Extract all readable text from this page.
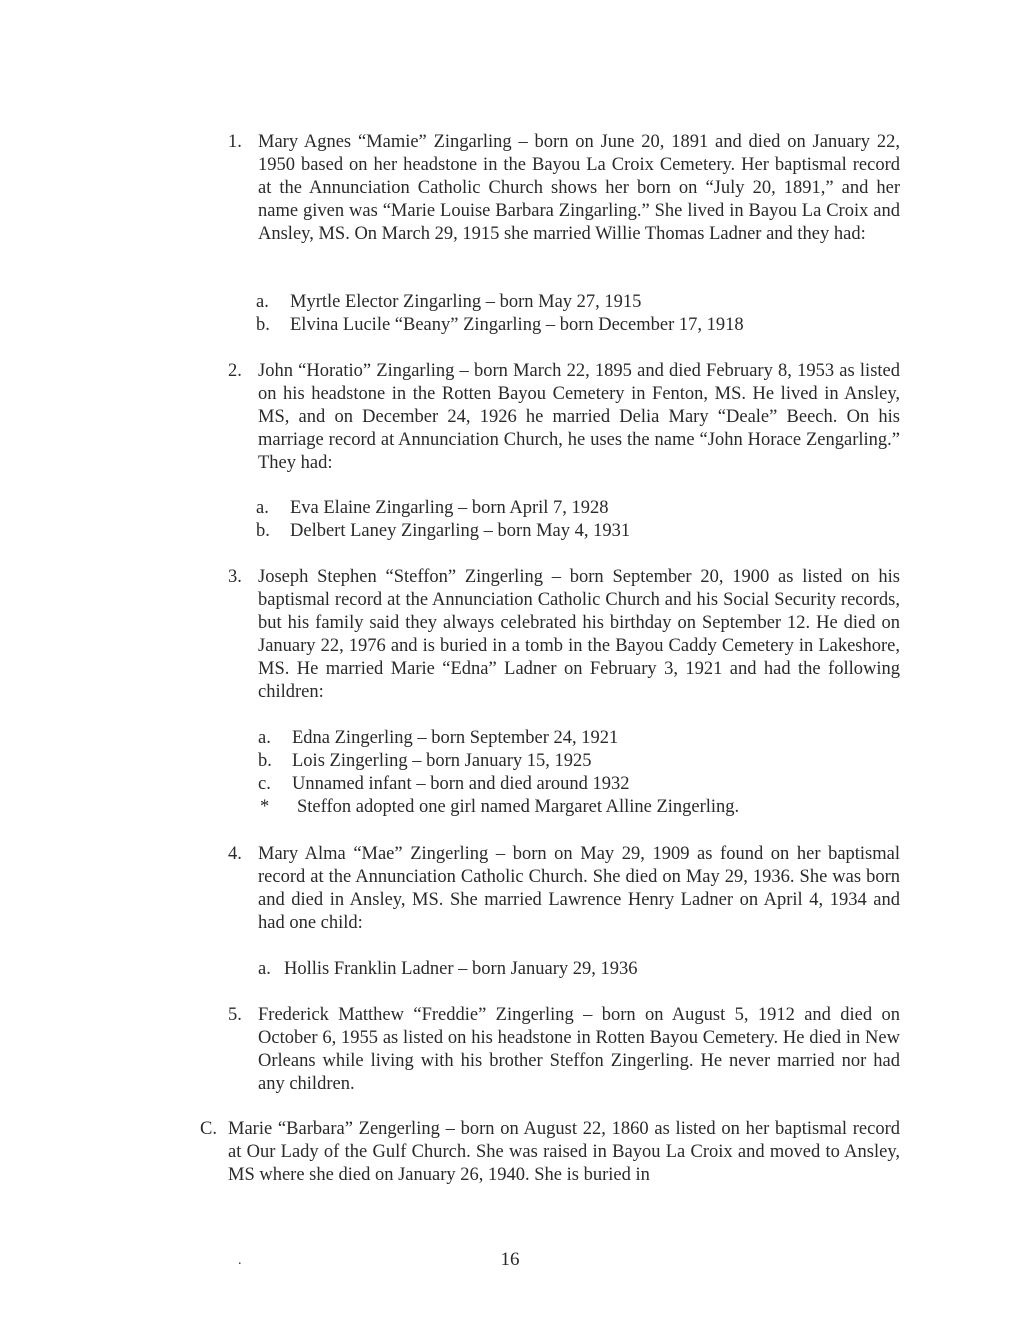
1. Mary Agnes “Mamie” Zingarling – born on June 20, 1891 and died on January 22, 1950 based on her headstone in the Bayou La Croix Cemetery. Her baptismal record at the Annunciation Catholic Church shows her born on “July 20, 1891,” and her name given was “Marie Louise Barbara Zingarling.” She lived in Bayou La Croix and Ansley, MS. On March 29, 1915 she married Willie Thomas Ladner and they had:
a. Myrtle Elector Zingarling – born May 27, 1915
b. Elvina Lucile “Beany” Zingarling – born December 17, 1918
2. John “Horatio” Zingarling – born March 22, 1895 and died February 8, 1953 as listed on his headstone in the Rotten Bayou Cemetery in Fenton, MS. He lived in Ansley, MS, and on December 24, 1926 he married Delia Mary “Deale” Beech. On his marriage record at Annunciation Church, he uses the name “John Horace Zengarling.” They had:
a. Eva Elaine Zingarling – born April 7, 1928
b. Delbert Laney Zingarling – born May 4, 1931
3. Joseph Stephen “Steffon” Zingerling – born September 20, 1900 as listed on his baptismal record at the Annunciation Catholic Church and his Social Security records, but his family said they always celebrated his birthday on September 12. He died on January 22, 1976 and is buried in a tomb in the Bayou Caddy Cemetery in Lakeshore, MS. He married Marie “Edna” Ladner on February 3, 1921 and had the following children:
a. Edna Zingerling – born September 24, 1921
b. Lois Zingerling – born January 15, 1925
c. Unnamed infant – born and died around 1932
* Steffon adopted one girl named Margaret Alline Zingerling.
4. Mary Alma “Mae” Zingerling – born on May 29, 1909 as found on her baptismal record at the Annunciation Catholic Church. She died on May 29, 1936. She was born and died in Ansley, MS. She married Lawrence Henry Ladner on April 4, 1934 and had one child:
a. Hollis Franklin Ladner – born January 29, 1936
5. Frederick Matthew “Freddie” Zingerling – born on August 5, 1912 and died on October 6, 1955 as listed on his headstone in Rotten Bayou Cemetery. He died in New Orleans while living with his brother Steffon Zingerling. He never married nor had any children.
C. Marie “Barbara” Zengerling – born on August 22, 1860 as listed on her baptismal record at Our Lady of the Gulf Church. She was raised in Bayou La Croix and moved to Ansley, MS where she died on January 26, 1940. She is buried in
.	16
